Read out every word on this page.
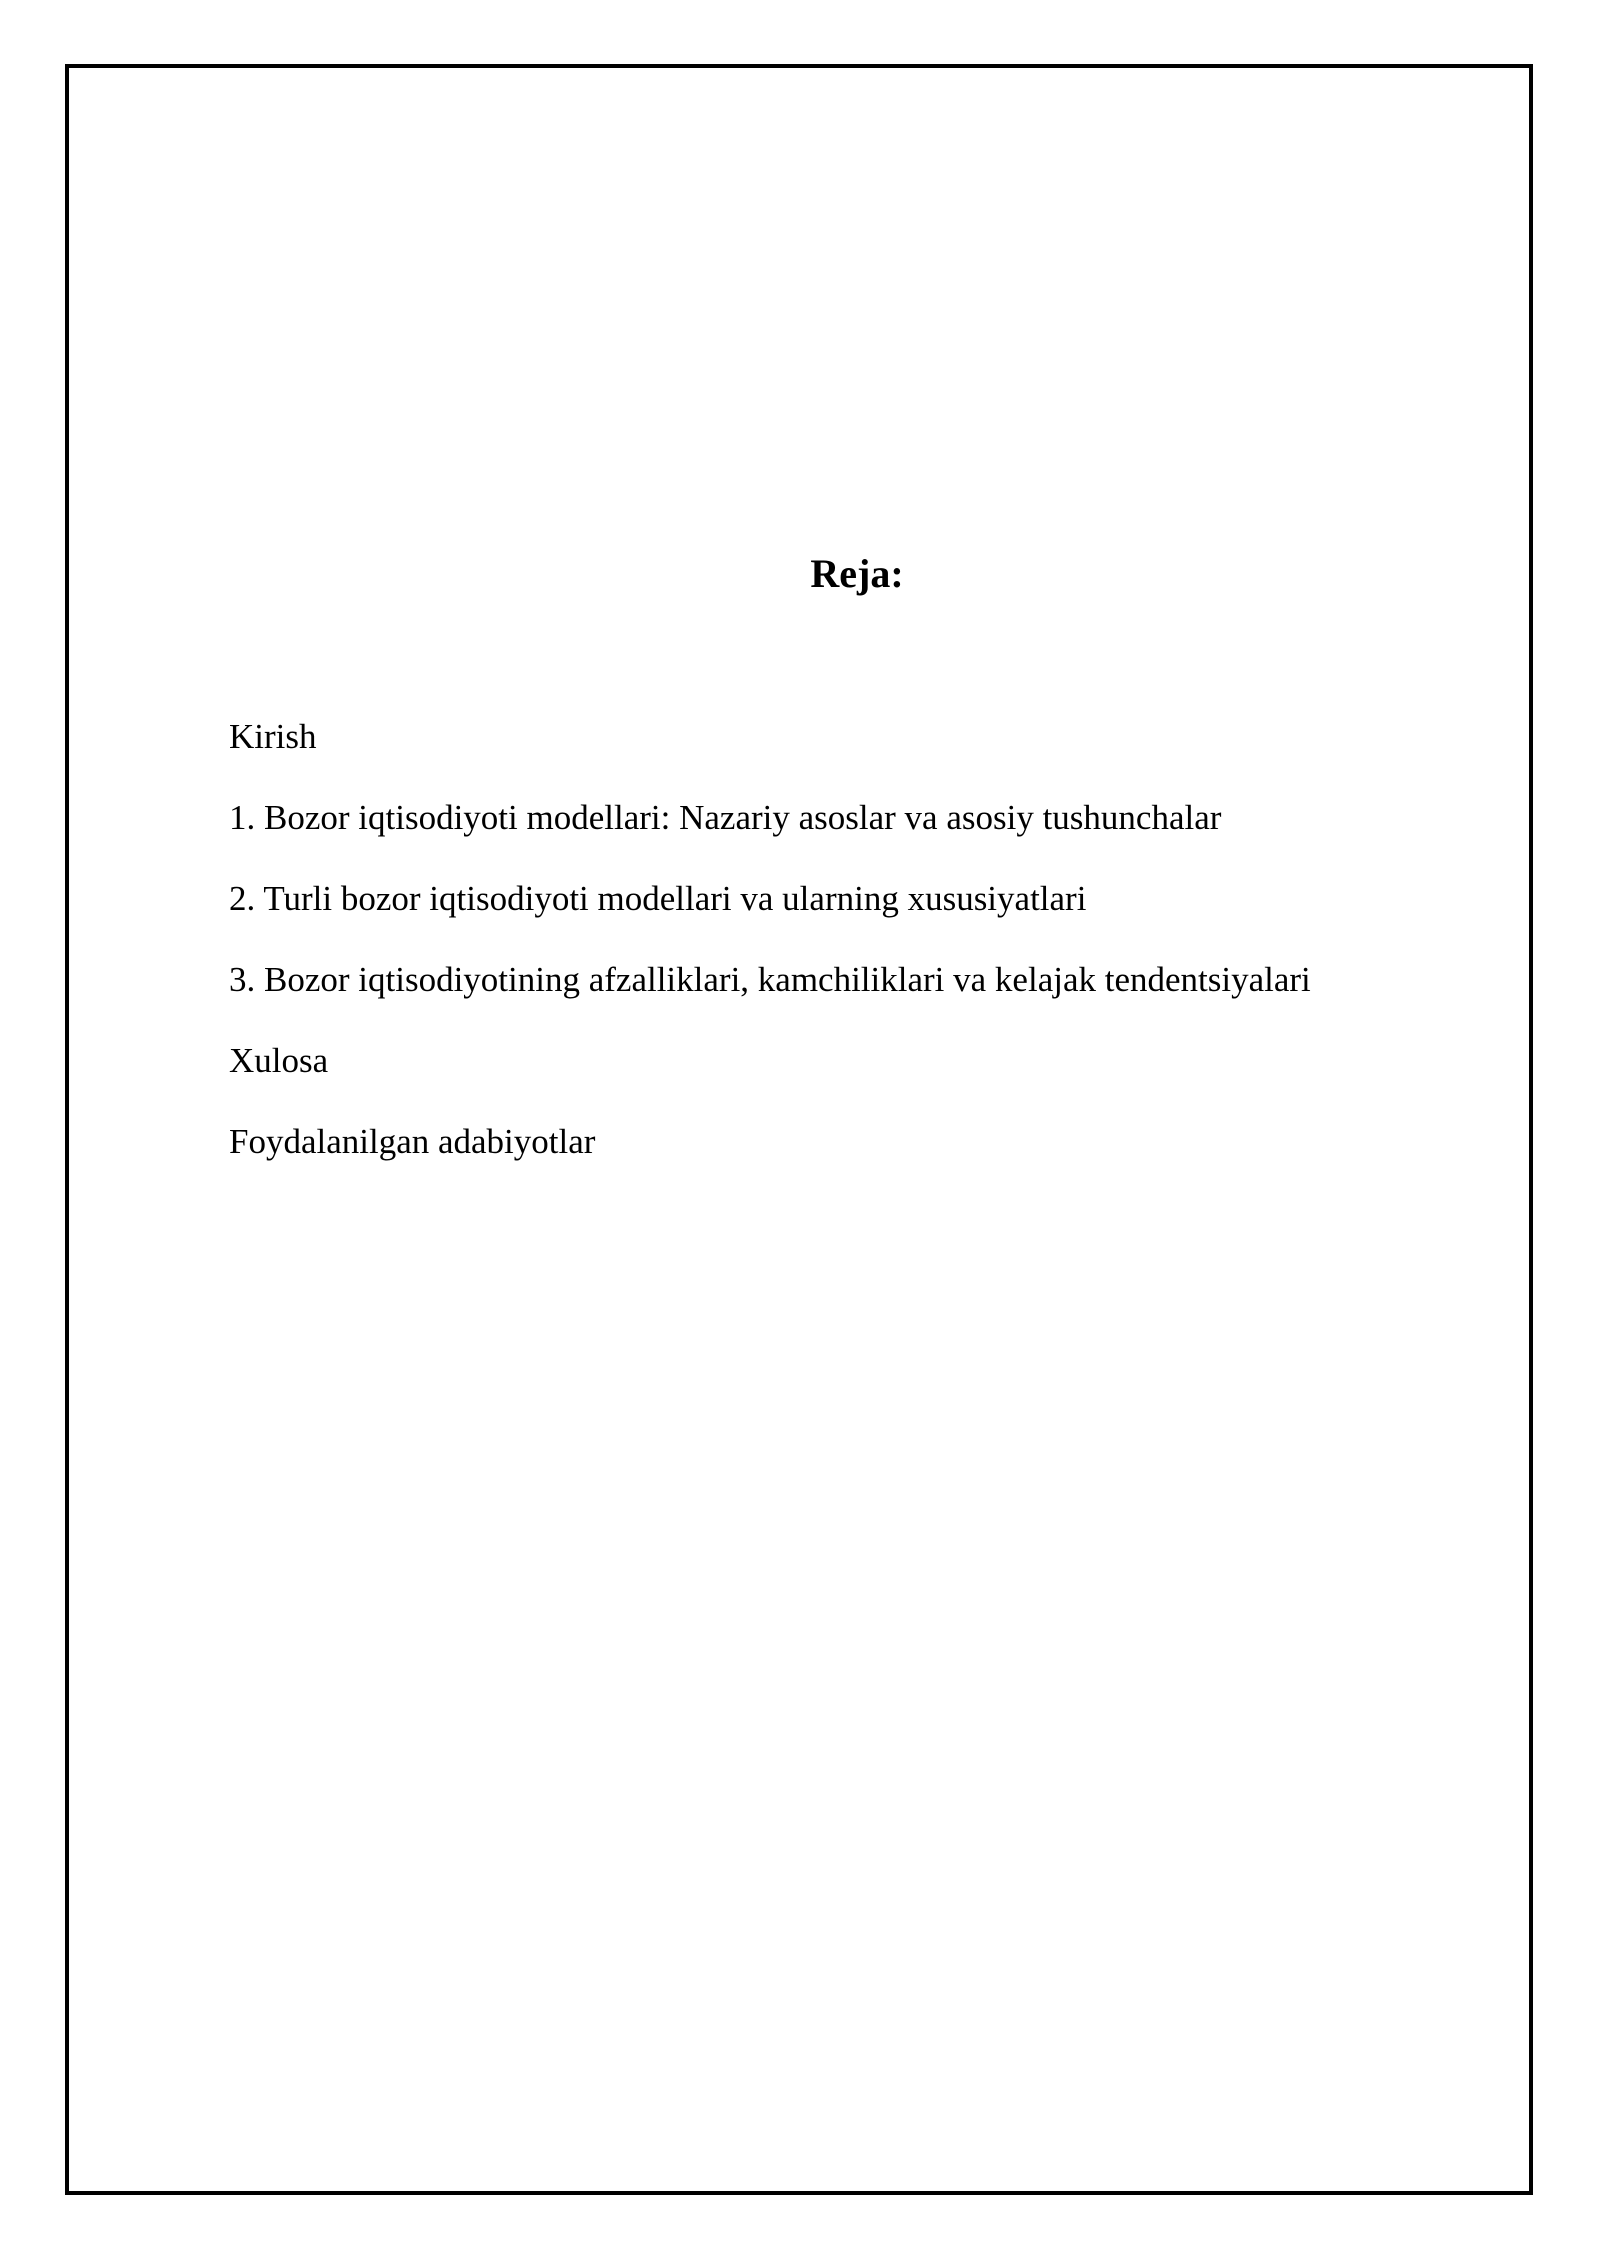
Reja:
Kirish
1. Bozor iqtisodiyoti modellari: Nazariy asoslar va asosiy tushunchalar
2. Turli bozor iqtisodiyoti modellari va ularning xususiyatlari
3. Bozor iqtisodiyotining afzalliklari, kamchiliklari va kelajak tendentsiyalari
Xulosa
Foydalanilgan adabiyotlar
